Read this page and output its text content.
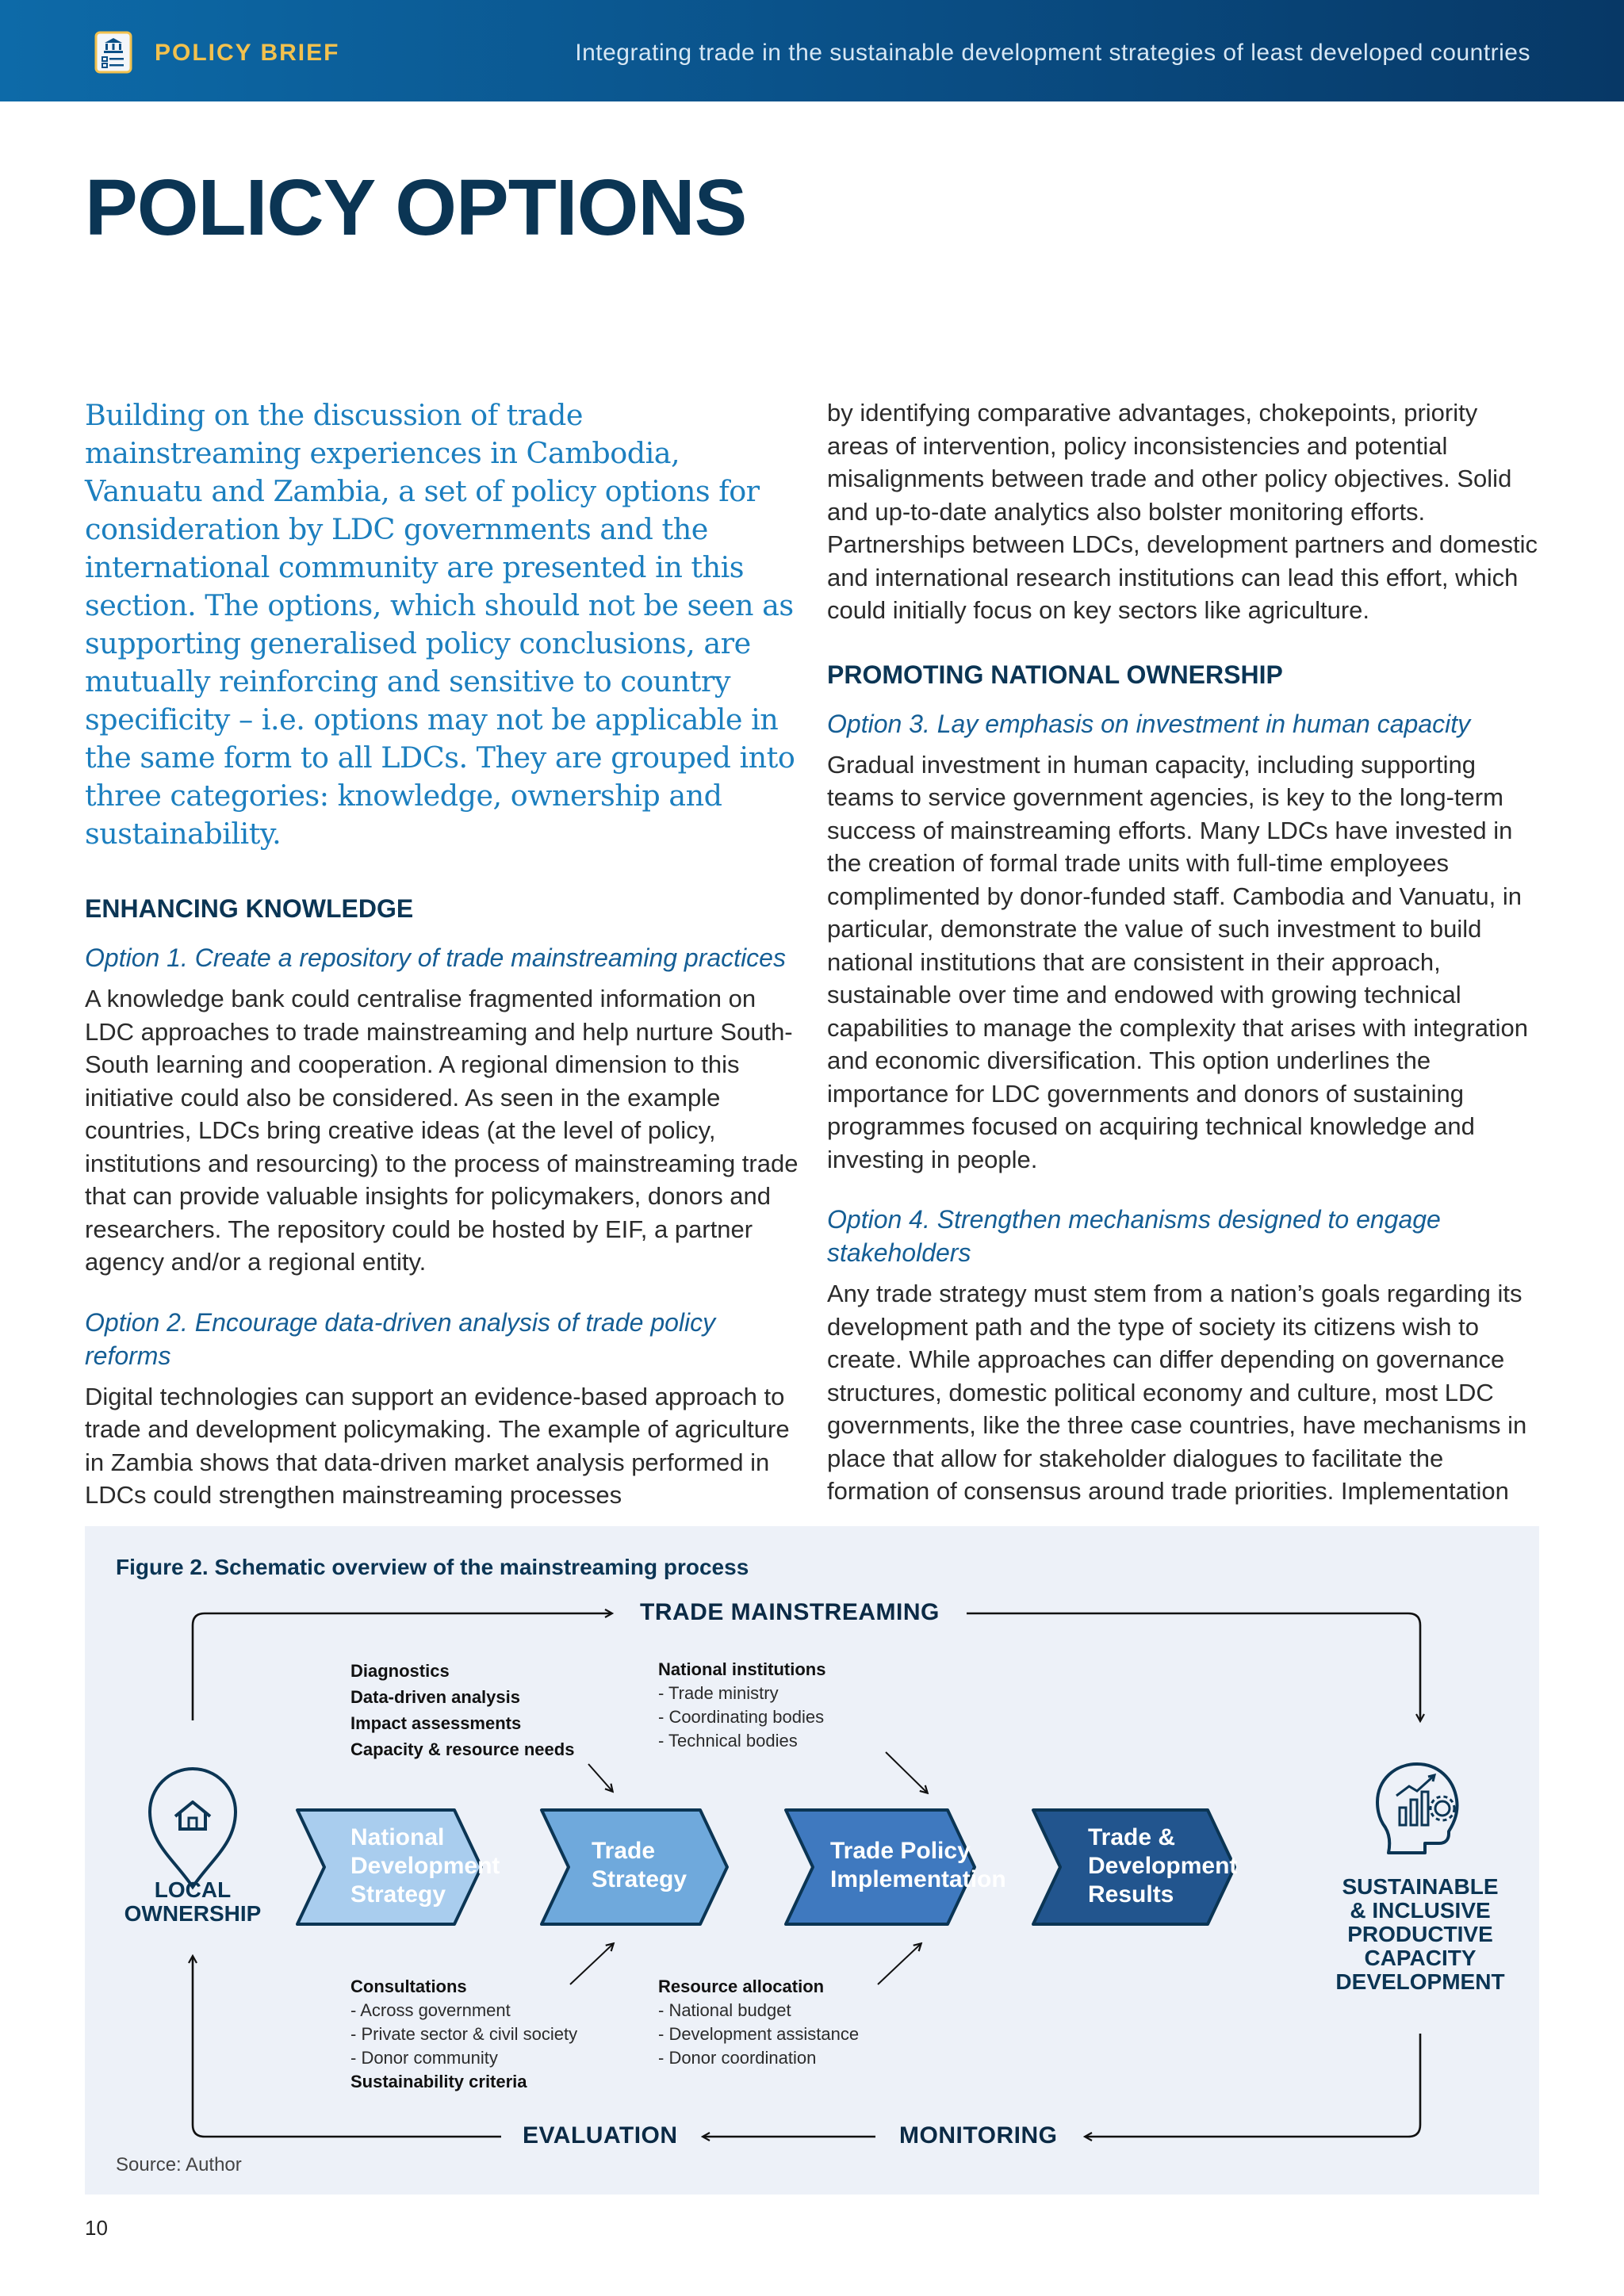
POLICY BRIEF	Integrating trade in the sustainable development strategies of least developed countries
POLICY OPTIONS

Building on the discussion of trade mainstreaming experiences in Cambodia, Vanuatu and Zambia, a set of policy options for consideration by LDC governments and the international community are presented in this section. The options, which should not be seen as supporting generalised policy conclusions, are mutually reinforcing and sensitive to country specificity – i.e. options may not be applicable in the same form to all LDCs. They are grouped into three categories: knowledge, ownership and sustainability.

ENHANCING KNOWLEDGE
Option 1. Create a repository of trade mainstreaming practices

A knowledge bank could centralise fragmented information on LDC approaches to trade mainstreaming and help nurture South-South learning and cooperation. A regional dimension to this initiative could also be considered. As seen in the example countries, LDCs bring creative ideas (at the level of policy, institutions and resourcing) to the process of mainstreaming trade that can provide valuable insights for policymakers, donors and researchers. The repository could be hosted by EIF, a partner agency and/or a regional entity.

Option 2. Encourage data-driven analysis of trade policy reforms

Digital technologies can support an evidence-based approach to trade and development policymaking. The example of agriculture in Zambia shows that data-driven market analysis performed in LDCs could strengthen mainstreaming processes

by identifying comparative advantages, chokepoints, priority areas of intervention, policy inconsistencies and potential misalignments between trade and other policy objectives. Solid and up-to-date analytics also bolster monitoring efforts. Partnerships between LDCs, development partners and domestic and international research institutions can lead this effort, which could initially focus on key sectors like agriculture.

PROMOTING NATIONAL OWNERSHIP
Option 3. Lay emphasis on investment in human capacity

Gradual investment in human capacity, including supporting teams to service government agencies, is key to the long-term success of mainstreaming efforts. Many LDCs have invested in the creation of formal trade units with full-time employees complimented by donor-funded staff. Cambodia and Vanuatu, in particular, demonstrate the value of such investment to build national institutions that are consistent in their approach, sustainable over time and endowed with growing technical capabilities to manage the complexity that arises with integration and economic diversification. This option underlines the importance for LDC governments and donors of sustaining programmes focused on acquiring technical knowledge and investing in people.

Option 4. Strengthen mechanisms designed to engage stakeholders

Any trade strategy must stem from a nation’s goals regarding its development path and the type of society its citizens wish to create. While approaches can differ depending on governance structures, domestic political economy and culture, most LDC governments, like the three case countries, have mechanisms in place that allow for stakeholder dialogues to facilitate the formation of consensus around trade priorities. Implementation

Figure 2. Schematic overview of the mainstreaming process
TRADE MAINSTREAMING
EVALUATION	MONITORING
LOCAL
OWNERSHIP
SUSTAINABLE
& INCLUSIVE
PRODUCTIVE
CAPACITY
DEVELOPMENT
Diagnostics
Data-driven analysis
Impact assessments
Capacity & resource needs
National institutions
- Trade ministry
- Coordinating bodies
- Technical bodies
Consultations
- Across government
- Private sector & civil society
- Donor community
Sustainability criteria
Resource allocation
- National budget
- Development assistance
- Donor coordination
National
Development
Strategy
Trade
Strategy
Trade Policy
Implementation
Trade &
Development
Results
Source: Author
10
